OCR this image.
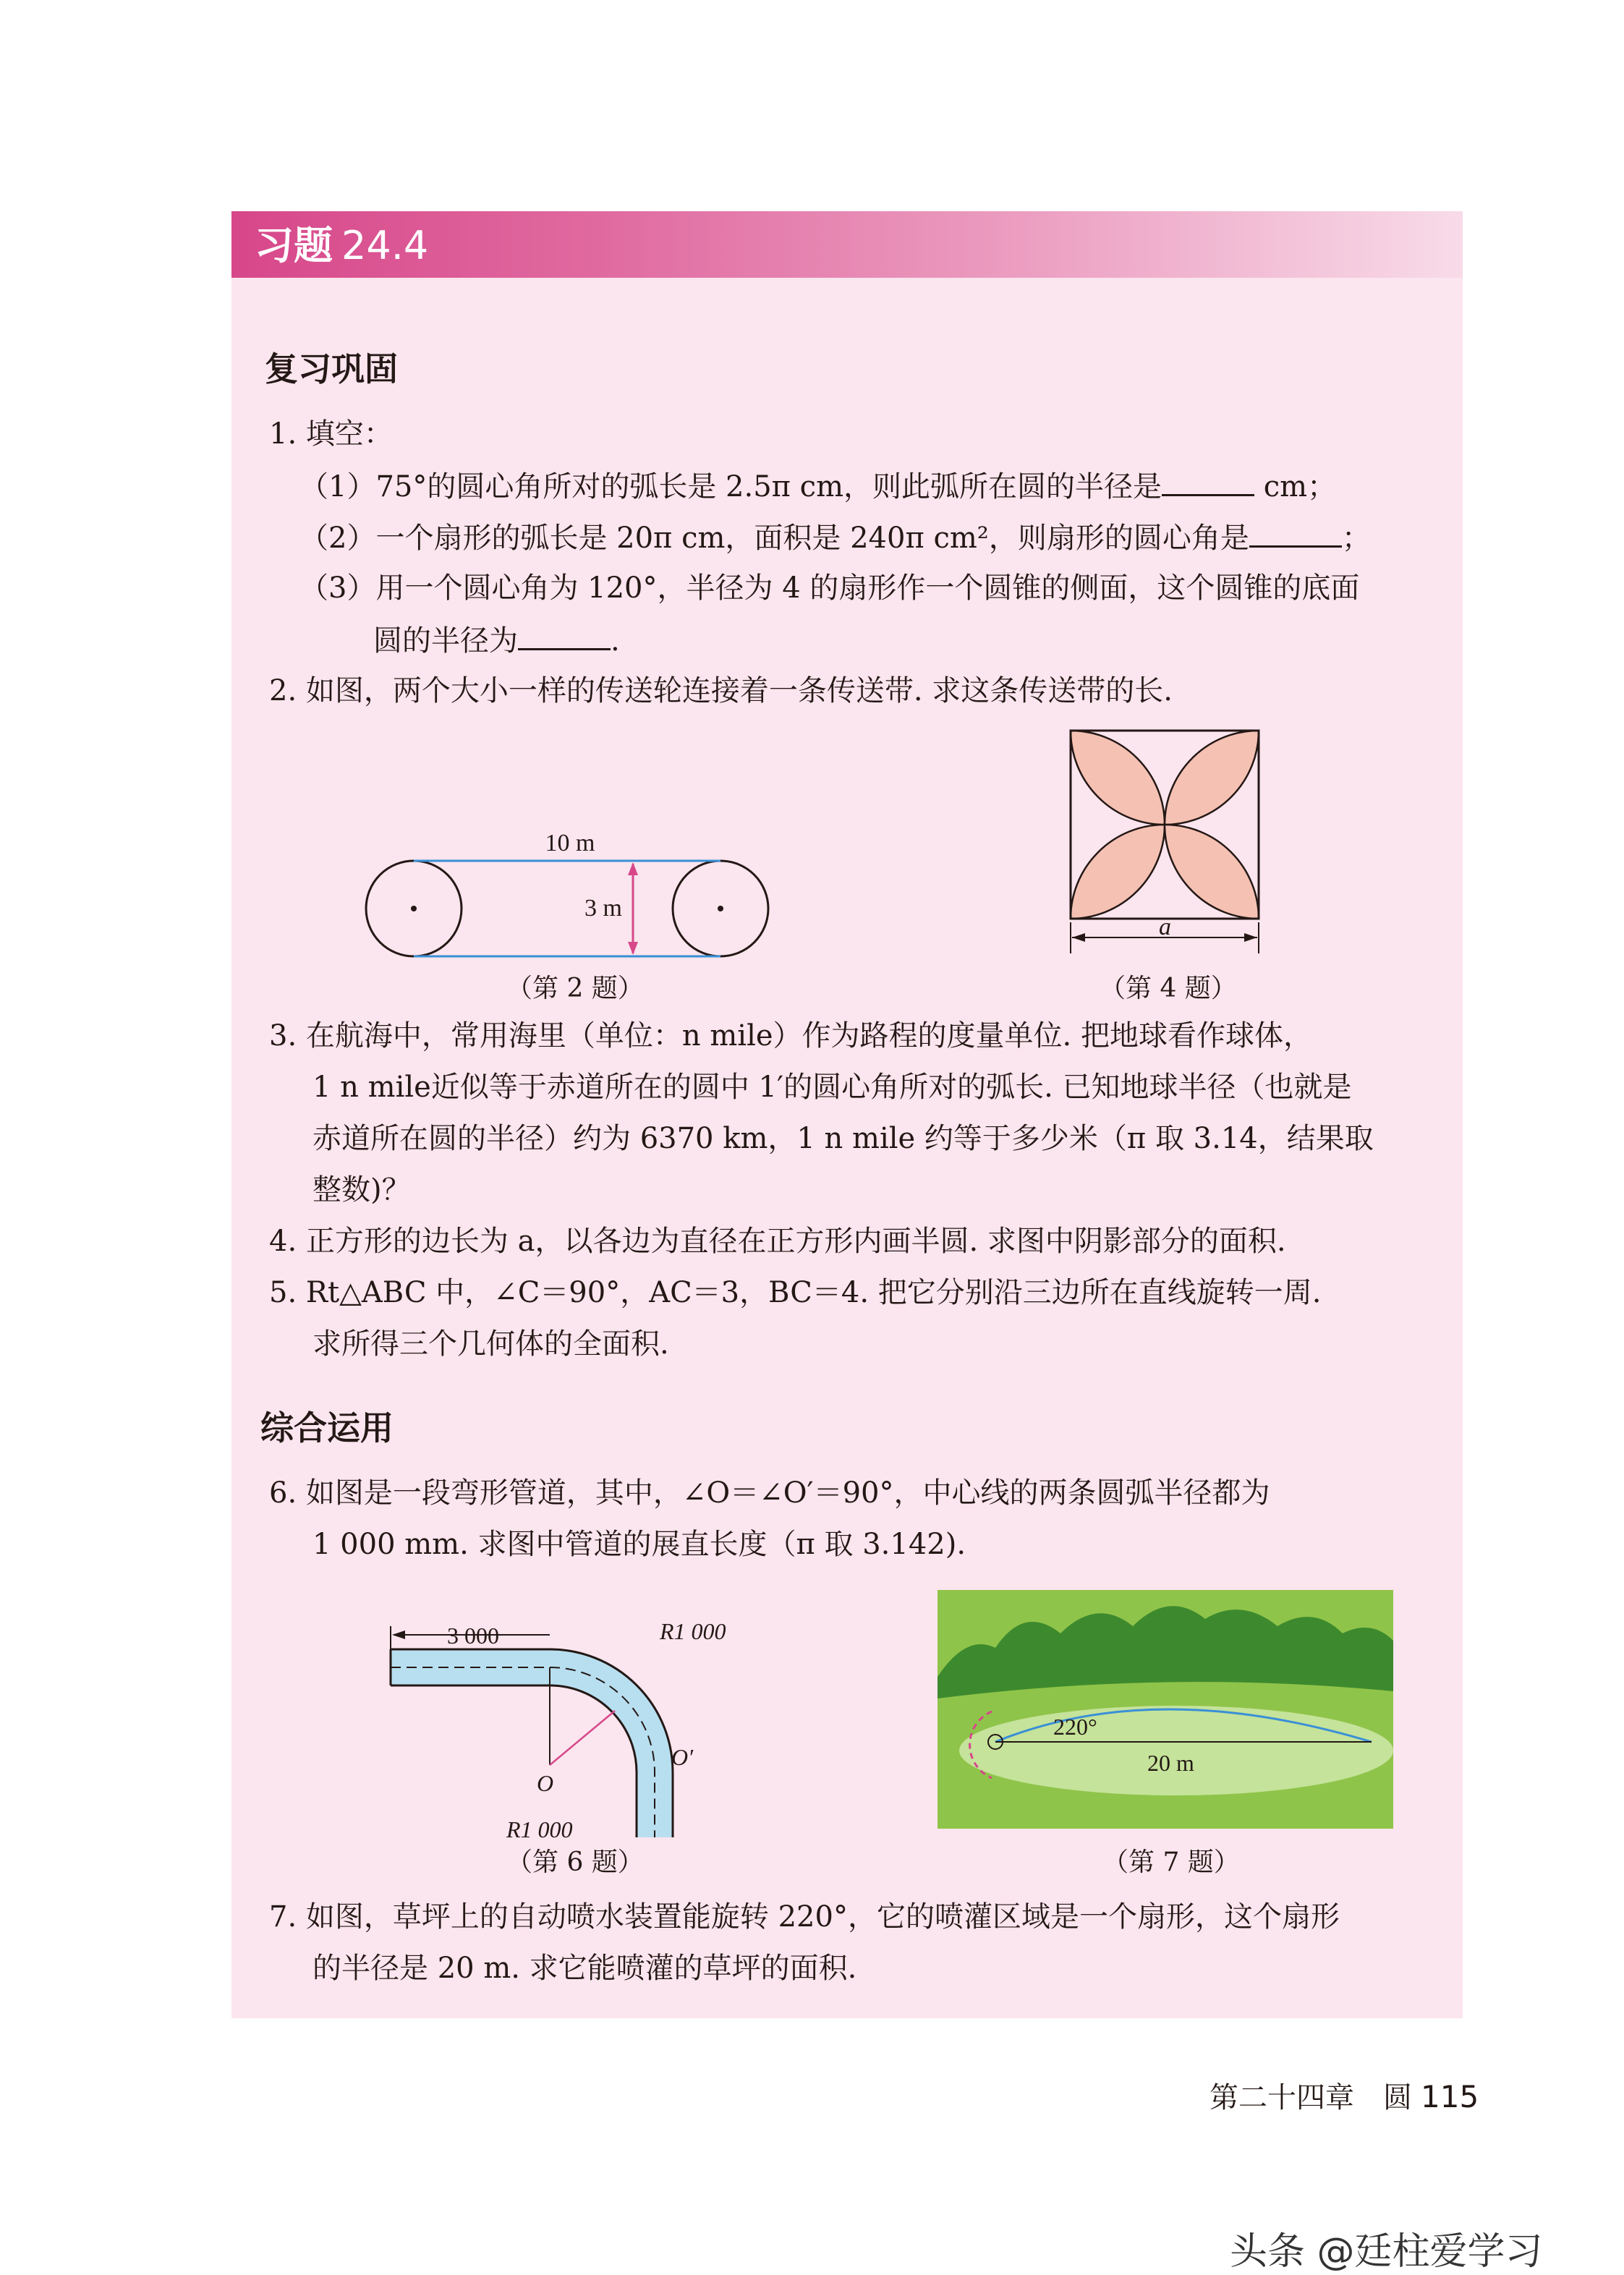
习题 24.4
复习巩固
1. 填空：
（1）75°的圆心角所对的弧长是 2.5π cm，则此弧所在圆的半径是	cm；
（2）一个扇形的弧长是 20π cm，面积是 240π cm²，则扇形的圆心角是	；
（3）用一个圆心角为 120°，半径为 4 的扇形作一个圆锥的侧面，这个圆锥的底面
圆的半径为	.
2. 如图，两个大小一样的传送轮连接着一条传送带. 求这条传送带的长.
10 m
3 m
（第 2 题）
a
（第 4 题）
3. 在航海中，常用海里（单位：n mile）作为路程的度量单位. 把地球看作球体，
1 n mile近似等于赤道所在的圆中 1′的圆心角所对的弧长. 已知地球半径（也就是
赤道所在圆的半径）约为 6370 km，1 n mile 约等于多少米（π 取 3.14，结果取
整数)？
4. 正方形的边长为 a，以各边为直径在正方形内画半圆. 求图中阴影部分的面积.
5. Rt△ABC 中，∠C＝90°，AC＝3，BC＝4. 把它分别沿三边所在直线旋转一周.
求所得三个几何体的全面积.
综合运用
6. 如图是一段弯形管道，其中，∠O＝∠O′＝90°，中心线的两条圆弧半径都为
1 000 mm. 求图中管道的展直长度（π 取 3.142).
3 000	R1 000
O
O′
R1 000
（第 6 题）
220°
20 m
（第 7 题）
7. 如图，草坪上的自动喷水装置能旋转 220°，它的喷灌区域是一个扇形，这个扇形
的半径是 20 m. 求它能喷灌的草坪的面积.
第二十四章　圆 115
头条 @廷柱爱学习
